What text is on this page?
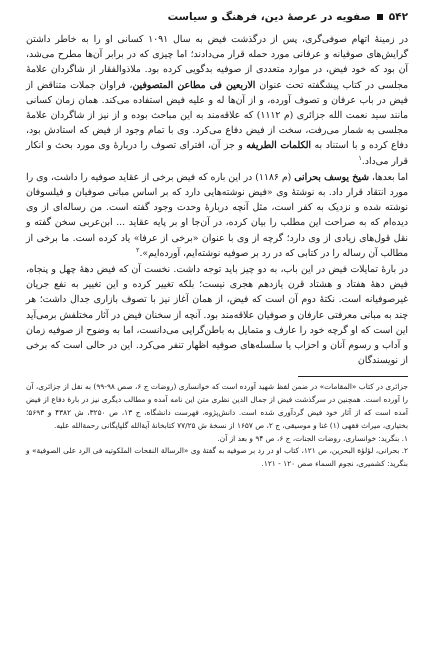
۵۴۲
صفویه در عرصهٔ دین، فرهنگ و سیاست

در زمینهٔ اتهام صوفی‌گری، پس از درگذشت فیض به سال ۱۰۹۱ کسانی او را به خاطر داشتن گرایش‌های صوفیانه و عرفانی مورد حمله قرار می‌دادند؛ اما چیزی که در برابر آن‌ها مطرح می‌شد، آن بود که خود فیض، در موارد متعددی از صوفیه بدگویی کرده بود. ملاذوالفقار از شاگردان علامهٔ مجلسی در کتاب پیشگفته تحت عنوان الاربعین فی مطاعن المتصوفین، فراوان جملات متناقض از فیض در باب عرفان و تصوف آورده، و از آن‌ها له و علیه فیض استفاده می‌کند. همان زمان کسانی مانند سید نعمت الله جزائری (م ۱۱۱۲) که علاقه‌مند به این مباحث بوده و از نیز از شاگردان علامهٔ مجلسی به شمار می‌رفت، سخت از فیض دفاع می‌کرد. وی با تمام وجود از فیض که استادش بود، دفاع کرده و با استناد به الکلمات الطریفه و جز آن، افترای تصوف را دربارهٔ وی مورد بحث و انکار قرار می‌داد.$^۱$

اما بعدها، شیخ یوسف بحرانی (م ۱۱۸۶) در این باره که فیض برخی از عقاید صوفیه را داشت، وی را مورد انتقاد قرار داد. به نوشتهٔ وی «فیض نوشته‌هایی دارد که بر اساس مبانی صوفیان و فیلسوفان نوشته شده و نزدیک به کفر است، مثل آنچه دربارهٔ وحدت وجود گفته است. من رساله‌ای از وی دیده‌ام که به صراحت این مطلب را بیان کرده، در آن‌جا او بر پایه عقاید ... ابن‌عربی سخن گفته و نقل قول‌های زیادی از وی دارد؛ گرچه از وی با عنوان «برخی از عرفا» یاد کرده است. ما برخی از مطالب آن رساله را در کتابی که در رد بر صوفیه نوشته‌ایم، آورده‌ایم».$^۲$

در بارهٔ تمایلات فیض در این باب، به دو چیز باید توجه داشت. نخست آن که فیض دههٔ چهل و پنجاه، فیض دههٔ هفتاد و هشتاد قرن یازدهم هجری نیست؛ بلکه تغییر کرده و این تغییر به نفع جریان غیرصوفیانه است. نکتهٔ دوم آن است که فیض، از همان آغاز نیز با تصوف بازاری جدال داشت؛ هر چند به مبانی معرفتی عارفان و صوفیان علاقه‌مند بود. آنچه از سخنان فیض در آثار مختلفش برمی‌آید این است که او گرچه خود را عارف و متمایل به باطن‌گرایی می‌دانست، اما به وضوح از صوفیه زمان و آداب و رسوم آنان و احزاب یا سلسله‌های صوفیه اظهار تنفر می‌کرد. این در حالی است که برخی از نویسندگان

جزائری در کتاب «المقامات» در ضمن لفظ شهید آورده است که خوانساری (روضات ج ۶، صص ۹۸-۹۹) به نقل از جزائری، آن را آورده است. همچنین در سرگذشت فیض از جمال الدین نظری متن این نامه آمده و مطالب دیگری نیز در بارهٔ دفاع از فیض آمده است که از آثار خود فیض گردآوری شده است. دانش‌پژوه، فهرست دانشگاه، ج ۱۳، ص ۳۲۵۰، ش ۴۳۸۲ و ۵۶۹۳؛ بختیاری، میراث فقهی (۱) غنا و موسیقی، ج ۲، ص ۱۶۵۷ از نسخهٔ ش ۷۷/۲۵ کتابخانهٔ آیةالله گلپایگانی رحمةالله علیه.

۱. بنگرید: خوانساری، روضات الجنات، ج ۶، ص ۹۴ و بعد از آن.

۲. بحرانی، لؤلؤة البحرین، ص ۱۲۱، کتاب او در رد بر صوفیه به گفتهٔ وی «الرسالة النفحات الملکوتیه فی الرد علی الصوفیة» و بنگرید: کشمیری، نجوم السماء صص ۱۲۰ - ۱۲۱.
